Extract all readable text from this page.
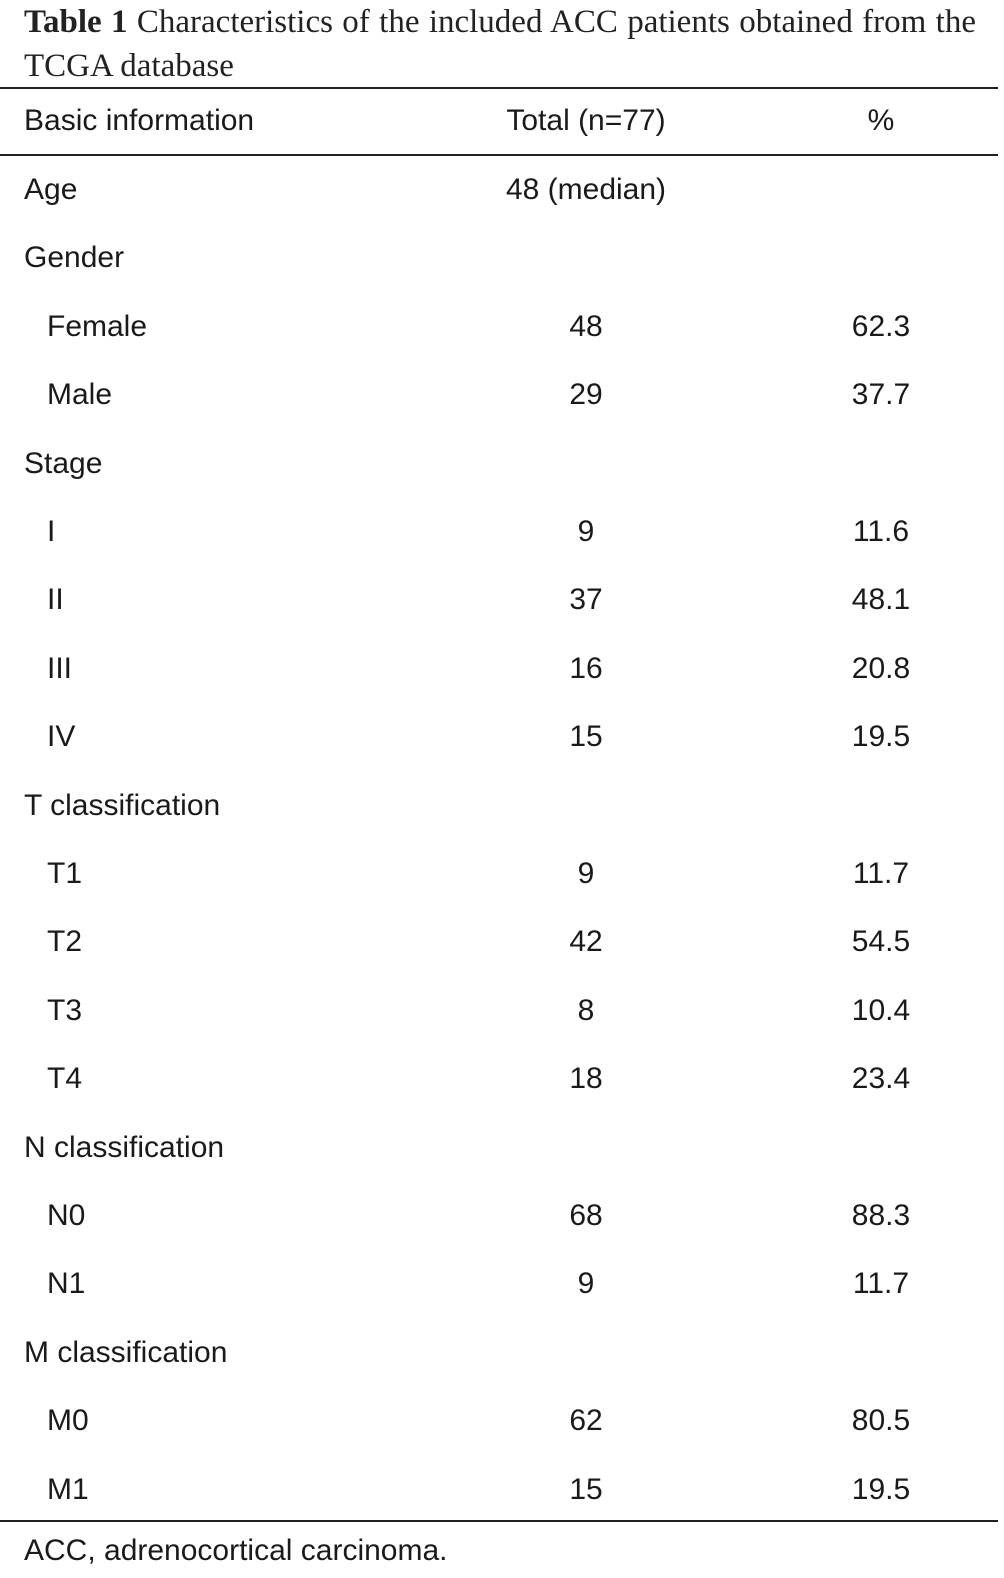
Table 1 Characteristics of the included ACC patients obtained from the TCGA database
Basic information	Total (n=77)	%
Age	48 (median)
Gender
Female	48	62.3
Male	29	37.7
Stage
I	9	11.6
II	37	48.1
III	16	20.8
IV	15	19.5
T classification
T1	9	11.7
T2	42	54.5
T3	8	10.4
T4	18	23.4
N classification
N0	68	88.3
N1	9	11.7
M classification
M0	62	80.5
M1	15	19.5
ACC, adrenocortical carcinoma.
